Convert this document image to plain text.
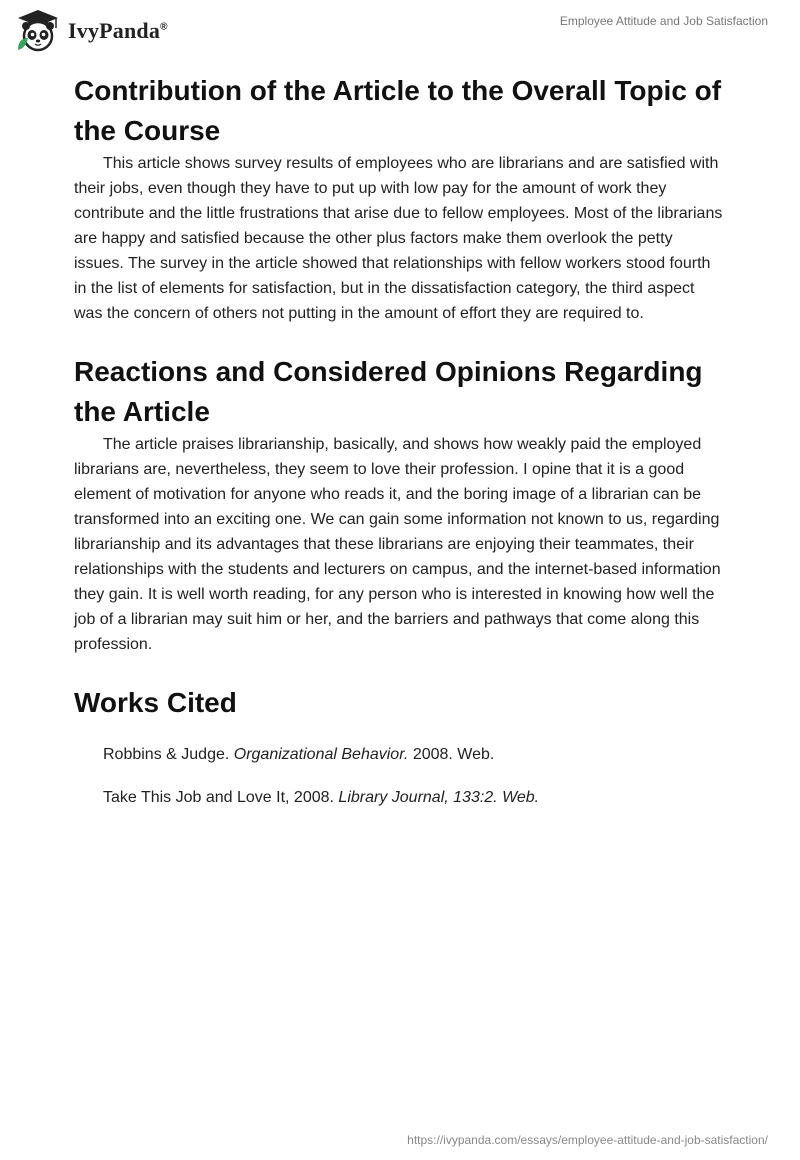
IvyPanda®	Employee Attitude and Job Satisfaction
Contribution of the Article to the Overall Topic of the Course

This article shows survey results of employees who are librarians and are satisfied with their jobs, even though they have to put up with low pay for the amount of work they contribute and the little frustrations that arise due to fellow employees. Most of the librarians are happy and satisfied because the other plus factors make them overlook the petty issues. The survey in the article showed that relationships with fellow workers stood fourth in the list of elements for satisfaction, but in the dissatisfaction category, the third aspect was the concern of others not putting in the amount of effort they are required to.

Reactions and Considered Opinions Regarding the Article

The article praises librarianship, basically, and shows how weakly paid the employed librarians are, nevertheless, they seem to love their profession. I opine that it is a good element of motivation for anyone who reads it, and the boring image of a librarian can be transformed into an exciting one. We can gain some information not known to us, regarding librarianship and its advantages that these librarians are enjoying their teammates, their relationships with the students and lecturers on campus, and the internet-based information they gain. It is well worth reading, for any person who is interested in knowing how well the job of a librarian may suit him or her, and the barriers and pathways that come along this profession.

Works Cited

Robbins & Judge. Organizational Behavior. 2008. Web.

Take This Job and Love It, 2008. Library Journal, 133:2. Web.

https://ivypanda.com/essays/employee-attitude-and-job-satisfaction/
